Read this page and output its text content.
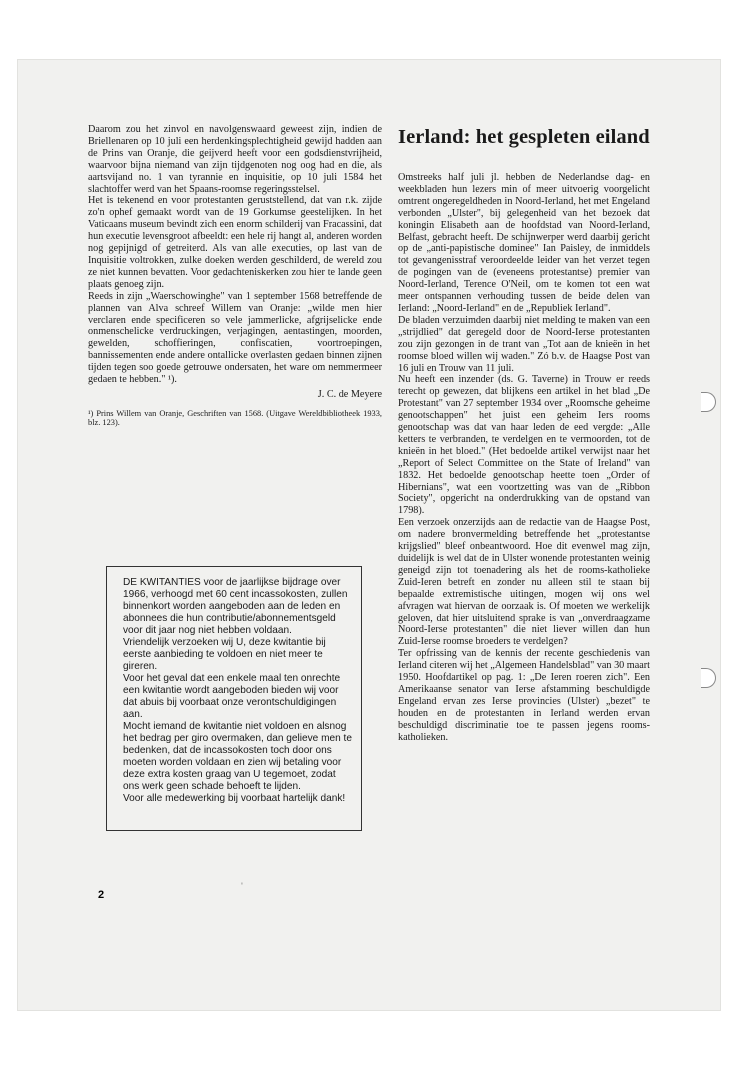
Daarom zou het zinvol en navolgenswaard geweest zijn, indien de Briellenaren op 10 juli een herdenkingsplechtigheid gewijd hadden aan de Prins van Oranje, die geijverd heeft voor een godsdienstvrijheid, waarvoor bijna niemand van zijn tijdgenoten nog oog had en die, als aartsvijand no. 1 van tyrannie en inquisitie, op 10 juli 1584 het slachtoffer werd van het Spaans-roomse regeringsstelsel.

Het is tekenend en voor protestanten geruststellend, dat van r.k. zijde zo'n ophef gemaakt wordt van de 19 Gorkumse geestelijken. In het Vaticaans museum bevindt zich een enorm schilderij van Fracassini, dat hun executie levensgroot afbeeldt: een hele rij hangt al, anderen worden nog gepijnigd of getreiterd. Als van alle executies, op last van de Inquisitie voltrokken, zulke doeken werden geschilderd, de wereld zou ze niet kunnen bevatten. Voor gedachteniskerken zou hier te lande geen plaats genoeg zijn.

Reeds in zijn „Waerschowinghe" van 1 september 1568 betreffende de plannen van Alva schreef Willem van Oranje: „wilde men hier verclaren ende specificeren so vele jammerlicke, afgrijselicke ende onmenschelicke verdruckingen, verjagingen, aentastingen, moorden, gewelden, schoffieringen, confiscatien, voortroepingen, bannissementen ende andere ontallicke overlasten gedaen binnen zijnen tijden tegen soo goede getrouwe ondersaten, het ware om nemmermeer gedaen te hebben." ¹).

J. C. de Meyere

¹) Prins Willem van Oranje, Geschriften van 1568. (Uitgave Wereldbibliotheek 1933, blz. 123).

DE KWITANTIES voor de jaarlijkse bijdrage over 1966, verhoogd met 60 cent incassokosten, zullen binnenkort worden aangeboden aan de leden en abonnees die hun contributie/abonnementsgeld voor dit jaar nog niet hebben voldaan.

Vriendelijk verzoeken wij U, deze kwitantie bij eerste aanbieding te voldoen en niet meer te gireren.

Voor het geval dat een enkele maal ten onrechte een kwitantie wordt aangeboden bieden wij voor dat abuis bij voorbaat onze verontschuldigingen aan.

Mocht iemand de kwitantie niet voldoen en alsnog het bedrag per giro overmaken, dan gelieve men te bedenken, dat de incassokosten toch door ons moeten worden voldaan en zien wij betaling voor deze extra kosten graag van U tegemoet, zodat ons werk geen schade behoeft te lijden.

Voor alle medewerking bij voorbaat hartelijk dank!

Ierland: het gespleten eiland

Omstreeks half juli jl. hebben de Nederlandse dag- en weekbladen hun lezers min of meer uitvoerig voorgelicht omtrent ongeregeldheden in Noord-Ierland, het met Engeland verbonden „Ulster", bij gelegenheid van het bezoek dat koningin Elisabeth aan de hoofdstad van Noord-Ierland, Belfast, gebracht heeft. De schijnwerper werd daarbij gericht op de „anti-papistische dominee" Ian Paisley, de inmiddels tot gevangenisstraf veroordeelde leider van het verzet tegen de pogingen van de (eveneens protestantse) premier van Noord-Ierland, Terence O'Neil, om te komen tot een wat meer ontspannen verhouding tussen de beide delen van Ierland: „Noord-Ierland" en de „Republiek Ierland".

De bladen verzuimden daarbij niet melding te maken van een „strijdlied" dat geregeld door de Noord-Ierse protestanten zou zijn gezongen in de trant van „Tot aan de knieën in het roomse bloed willen wij waden." Zó b.v. de Haagse Post van 16 juli en Trouw van 11 juli.

Nu heeft een inzender (ds. G. Taverne) in Trouw er reeds terecht op gewezen, dat blijkens een artikel in het blad „De Protestant" van 27 september 1934 over „Roomsche geheime genootschappen" het juist een geheim Iers rooms genootschap was dat van haar leden de eed vergde: „Alle ketters te verbranden, te verdelgen en te vermoorden, tot de knieën in het bloed." (Het bedoelde artikel verwijst naar het „Report of Select Committee on the State of Ireland" van 1832. Het bedoelde genootschap heette toen „Order of Hibernians", wat een voortzetting was van de „Ribbon Society", opgericht na onderdrukking van de opstand van 1798).

Een verzoek onzerzijds aan de redactie van de Haagse Post, om nadere bronvermelding betreffende het „protestantse krijgslied" bleef onbeantwoord. Hoe dit evenwel mag zijn, duidelijk is wel dat de in Ulster wonende protestanten weinig geneigd zijn tot toenadering als het de rooms-katholieke Zuid-Ieren betreft en zonder nu alleen stil te staan bij bepaalde extremistische uitingen, mogen wij ons wel afvragen wat hiervan de oorzaak is. Of moeten we werkelijk geloven, dat hier uitsluitend sprake is van „onverdraagzame Noord-Ierse protestanten" die niet liever willen dan hun Zuid-Ierse roomse broeders te verdelgen?

Ter opfrissing van de kennis der recente geschiedenis van Ierland citeren wij het „Algemeen Handelsblad" van 30 maart 1950. Hoofdartikel op pag. 1: „De Ieren roeren zich". Een Amerikaanse senator van Ierse afstamming beschuldigde Engeland ervan zes Ierse provincies (Ulster) „bezet" te houden en de protestanten in Ierland werden ervan beschuldigd discriminatie toe te passen jegens rooms-katholieken.

2
'
